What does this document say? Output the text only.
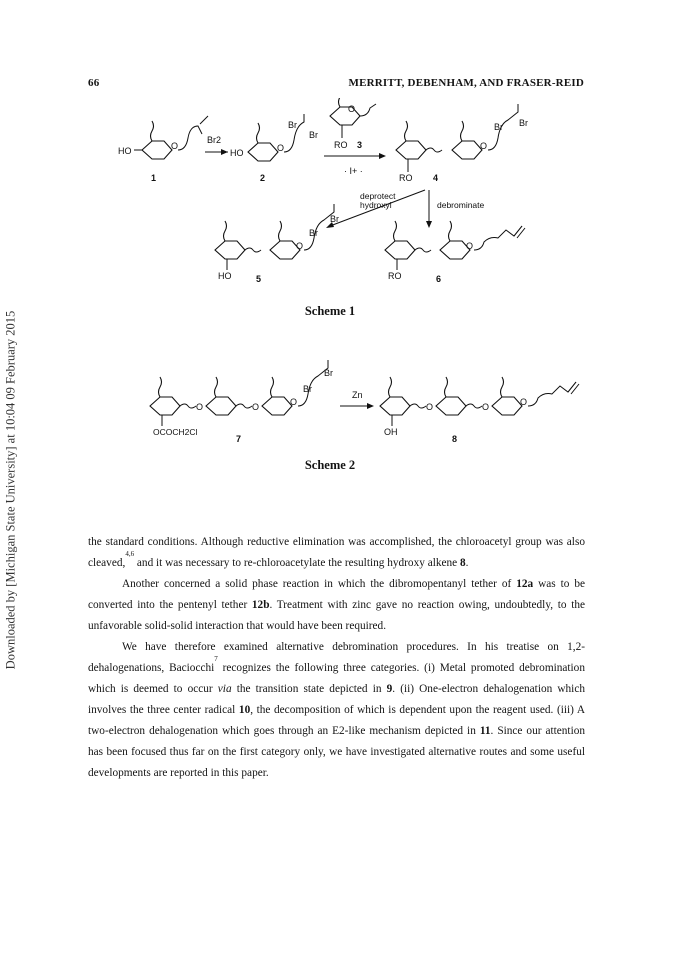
Downloaded by [Michigan State University] at 10:04 09 February 2015
66	MERRITT, DEBENHAM, AND FRASER-REID
HO	O
1
Br2
HO	O
Br
Br
2
O
RO 3
· I+ ·
O
Br Br
RO 4
deprotect
hydroxyl	debrominate
O
Br
Br
HO	5
O
RO	6
Scheme 1
O	O	O
Br
Br
OCOCH2Cl
7
Zn
O	O	O
OH
8
Scheme 2

the standard conditions. Although reductive elimination was accomplished, the chloroacetyl group was also cleaved,$^{4,6}$ and it was necessary to re-chloroacetylate the resulting hydroxy alkene 8.

Another concerned a solid phase reaction in which the dibromopentanyl tether of 12a was to be converted into the pentenyl tether 12b. Treatment with zinc gave no reaction owing, undoubtedly, to the unfavorable solid-solid interaction that would have been required.

We have therefore examined alternative debromination procedures. In his treatise on 1,2-dehalogenations, Baciocchi$^7$ recognizes the following three categories. (i) Metal promoted debromination which is deemed to occur via the transition state depicted in 9. (ii) One-electron dehalogenation which involves the three center radical 10, the decomposition of which is dependent upon the reagent used. (iii) A two-electron dehalogenation which goes through an E2-like mechanism depicted in 11. Since our attention has been focused thus far on the first category only, we have investigated alternative routes and some useful developments are reported in this paper.
